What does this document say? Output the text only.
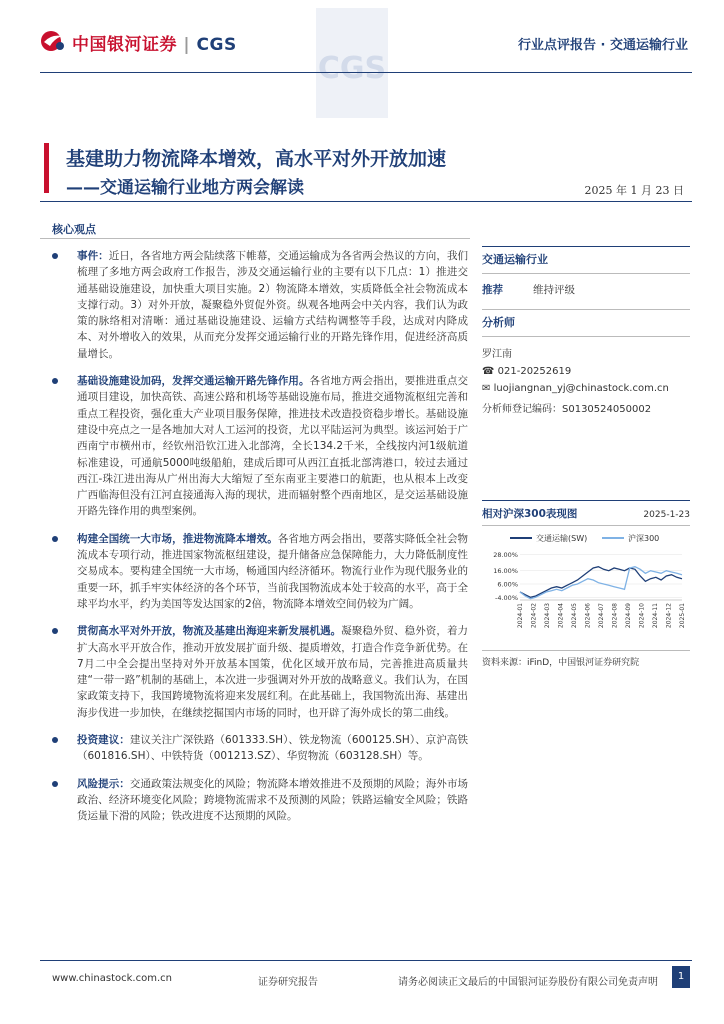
中国银河证券 | CGS
CGS
行业点评报告 · 交通运输行业
基建助力物流降本增效，高水平对外开放加速
——交通运输行业地方两会解读	2025 年 1 月 23 日
核心观点
事件：近日，各省地方两会陆续落下帷幕，交通运输成为各省两会热议的方向，我们梳理了多地方两会政府工作报告，涉及交通运输行业的主要有以下几点：1）推进交通基础设施建设，加快重大项目实施。2）物流降本增效，实质降低全社会物流成本支撑行动。3）对外开放，凝聚稳外贸促外资。纵观各地两会中关内容，我们认为政策的脉络相对清晰：通过基础设施建设、运输方式结构调整等手段，达成对内降成本、对外增收入的效果，从而充分发挥交通运输行业的开路先锋作用，促进经济高质量增长。
基础设施建设加码，发挥交通运输开路先锋作用。各省地方两会指出，要推进重点交通项目建设，加快高铁、高速公路和机场等基础设施布局，推进交通物流枢纽完善和重点工程投资，强化重大产业项目服务保障，推进技术改造投资稳步增长。基础设施建设中亮点之一是各地加大对人工运河的投资，尤以平陆运河为典型。该运河始于广西南宁市横州市，经钦州沿钦江进入北部湾，全长134.2千米，全线按内河1级航道标准建设，可通航5000吨级船舶，建成后即可从西江直抵北部湾港口，较过去通过西江-珠江进出海从广州出海大大缩短了至东南亚主要港口的航距，也从根本上改变广西临海但没有江河直接通海入海的现状，进而辐射整个西南地区，是交运基础设施开路先锋作用的典型案例。
构建全国统一大市场，推进物流降本增效。各省地方两会指出，要落实降低全社会物流成本专项行动，推进国家物流枢纽建设，提升储备应急保障能力，大力降低制度性交易成本。要构建全国统一大市场，畅通国内经济循环。物流行业作为现代服务业的重要一环，抓手牢实体经济的各个环节，当前我国物流成本处于较高的水平，高于全球平均水平，约为美国等发达国家的2倍，物流降本增效空间仍较为广阔。
贯彻高水平对外开放，物流及基建出海迎来新发展机遇。凝聚稳外贸、稳外资，着力扩大高水平开放合作，推动开放发展扩面升级、提质增效，打造合作竞争新优势。在7月二中全会提出坚持对外开放基本国策，优化区域开放布局，完善推进高质量共建“一带一路”机制的基础上，本次进一步强调对外开放的战略意义。我们认为，在国家政策支持下，我国跨境物流将迎来发展红利。在此基础上，我国物流出海、基建出海步伐进一步加快，在继续挖掘国内市场的同时，也开辟了海外成长的第二曲线。
投资建议：建议关注广深铁路（601333.SH）、铁龙物流（600125.SH）、京沪高铁（601816.SH）、中铁特货（001213.SZ）、华贸物流（603128.SH）等。
风险提示：交通政策法规变化的风险；物流降本增效推进不及预期的风险；海外市场政治、经济环境变化风险；跨境物流需求不及预测的风险；铁路运输安全风险；铁路货运量下滑的风险；铁改进度不达预期的风险。
交通运输行业
推荐	维持评级
分析师
罗江南
☎ 021-20252619
✉ luojiangnan_yj@chinastock.com.cn
分析师登记编码：S0130524050002
相对沪深300表现图	2025-1-23
交通运输(SW)	沪深300
28.00%
16.00%
6.00%
-4.00%
2024-01 2024-02 2024-03 2024-04 2024-05 2024-06 2024-07 2024-08 2024-09 2024-10 2024-11 2024-12 2025-01
资料来源：iFinD，中国银河证券研究院
www.chinastock.com.cn	证券研究报告	请务必阅读正文最后的中国银河证券股份有限公司免责声明
1
